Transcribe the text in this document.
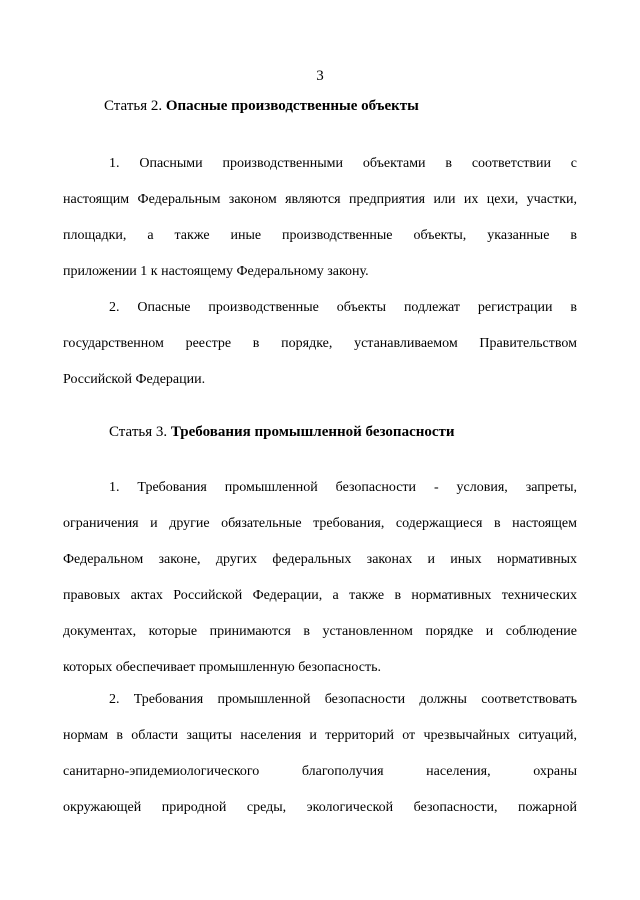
3
Статья 2. Опасные производственные объекты
1. Опасными производственными объектами в соответствии с
настоящим Федеральным законом являются предприятия или их цехи, участки,
площадки, а также иные производственные объекты, указанные в
приложении 1 к настоящему Федеральному закону.
2. Опасные производственные объекты подлежат регистрации в
государственном реестре в порядке, устанавливаемом Правительством
Российской Федерации.
Статья 3. Требования промышленной безопасности
1. Требования промышленной безопасности - условия, запреты,
ограничения и другие обязательные требования, содержащиеся в настоящем
Федеральном законе, других федеральных законах и иных нормативных
правовых актах Российской Федерации, а также в нормативных технических
документах, которые принимаются в установленном порядке и соблюдение
которых обеспечивает промышленную безопасность.
2. Требования промышленной безопасности должны соответствовать
нормам в области защиты населения и территорий от чрезвычайных ситуаций,
санитарно-эпидемиологического благополучия населения, охраны
окружающей природной среды, экологической безопасности, пожарной
